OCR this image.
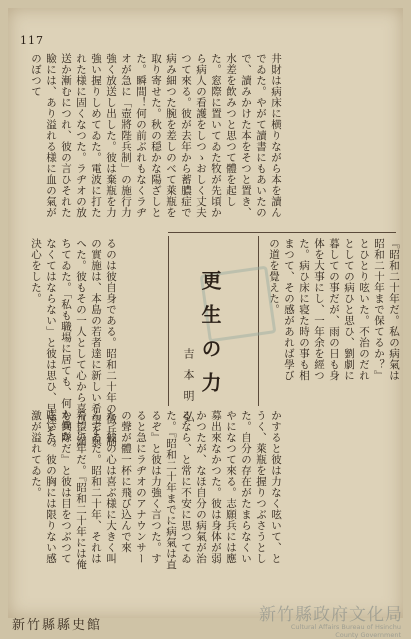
117
井財は病床に横りながら本を讀んでゐた。やがて讀書にもあいたので、讀みかけた本をそつと置き、水差を飲みつと思つて體を起した。窓際に置いてゐた牧が先頃から病人の看護をしつゝおしく丈夫つて來る。彼が去年から蓄膿症で病み細つた腕を差しのべて萊瓶を取り寄せた。秋の穏かな陽ざしとた。瞬間！何の前ぶれもなくラヂオが急に「壺將陛兵制」の施行力強く放送し出した。彼は棄瓶を力強い握りしめてゐた。電波に打たれた様に固くなつた。ラヂオの放送か漸むにつれ、彼の言ひそれた瞼には、あり溢れる様に血の氣がのぼつて
『昭和二十年だ。私の病氣は昭和二十年まで保てるか？』とひとり呟いた。不治のだれとしての病ひと思ひ、劉劇に暮しての事だが、雨の日も身体を大事にし、一年余を經つた。病ひ床に寝た時の事も相まつて、その感があれば學びの道を覺えた。
更生の力
吉本明弘
るのは彼自身である。昭和二十年の徴兵制の實施は、本島の若者達に新しい希望を與へた。彼もその一人として心から喜びに満ちてゐた。「私も職場に居ても、何か働かなくてはならない」と彼は思ひ、早速その決心をした。
かすると彼は力なく呟いて、とうく、萊瓶を握りつぶさうとした。自分の存在がたまらなくいやになつて來る。志願兵には應募出來なかつた。彼は身体が弱かつたが、なほ自分の病氣が治るなら、と常に不安に思つてゐた。『昭和二十年までに病氣は直るぞ』と彼は力強く言つた。すると急にラヂオのアナウンサーの聲が體一杯に飛び込んで來た。彼の心は喜ぶ様に大きく叫んでゐた。昭和二十年、それは希望の年だ。『昭和二十年には俺も兵隊だ』と彼は目をつぶつて呟いた。彼の胸には限りない感激が溢れてゐた。
新竹縣縣史館
新竹縣政府文化局
Cultural Affairs Bureau of Hsinchu
County Government
